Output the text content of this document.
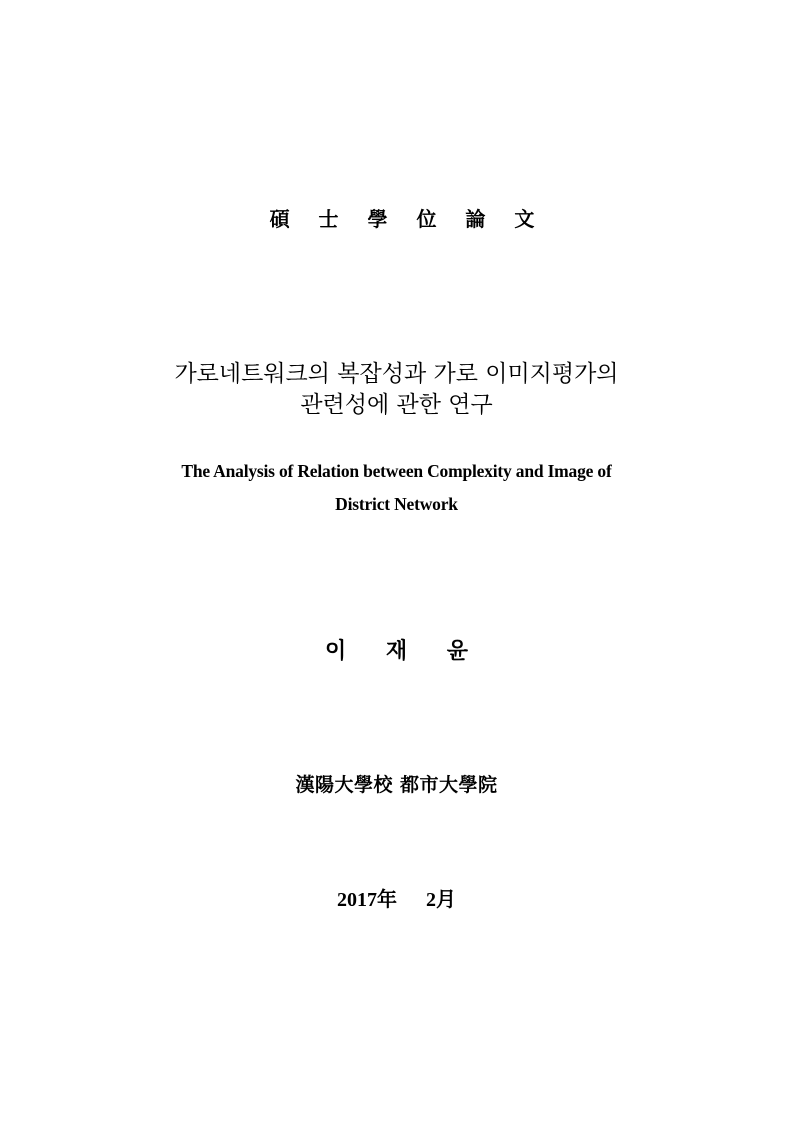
碩 士 學 位 論 文
가로네트워크의 복잡성과 가로 이미지평가의
관련성에 관한 연구
The Analysis of Relation between Complexity and Image of
District Network
이 재 윤
漢陽大學校 都市大學院
2017年 2月
